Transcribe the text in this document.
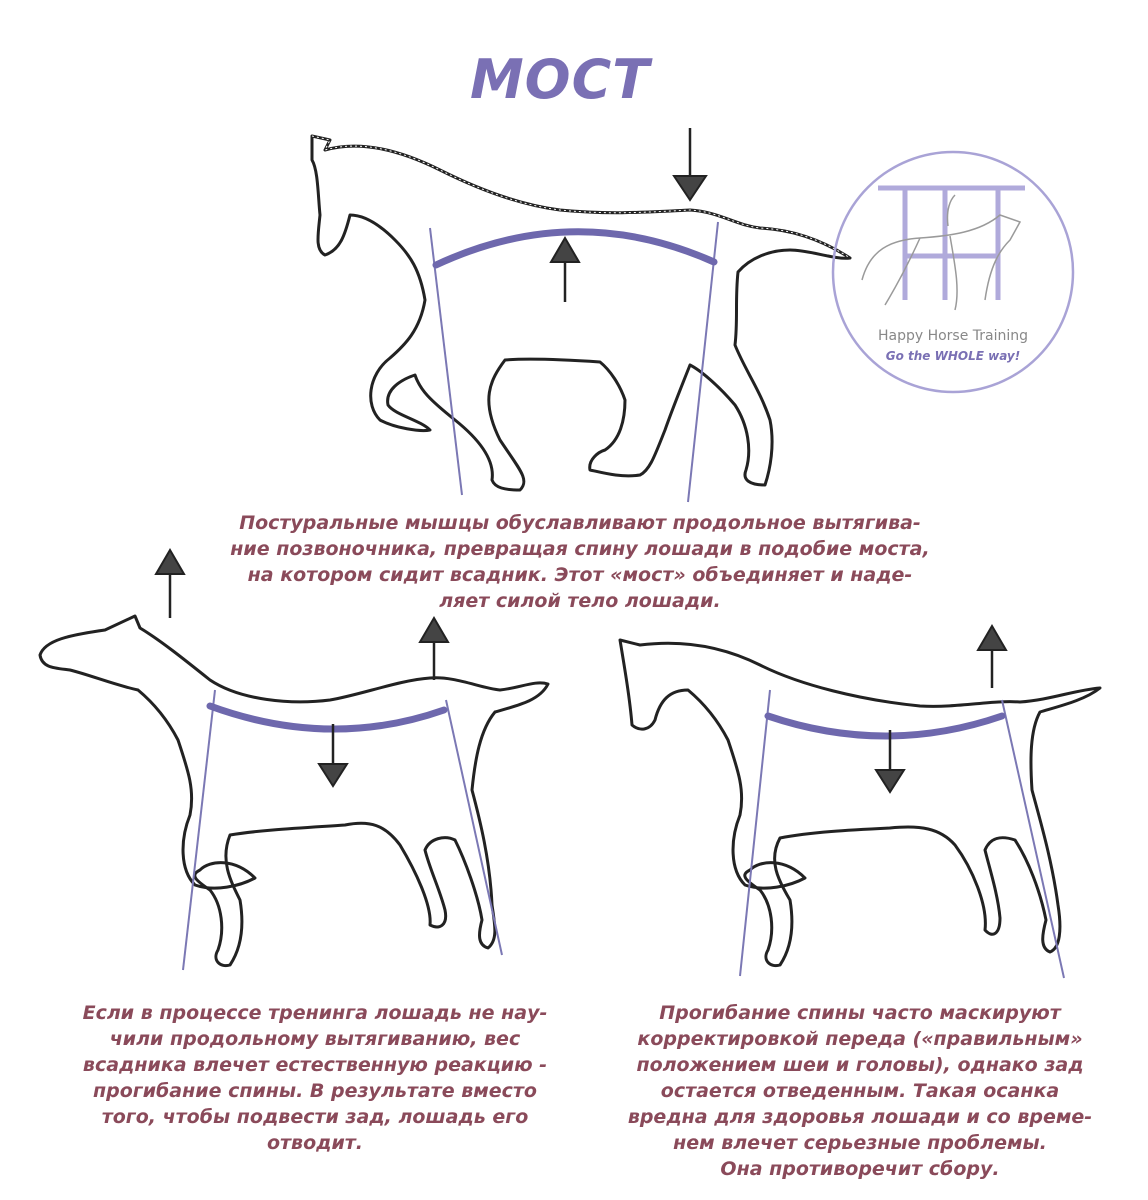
МОСТ
Happy Horse Training
Go the WHOLE way!

Постуральные мышцы обуславливают продольное вытягива-
ние позвоночника, превращая спину лошади в подобие моста,
на котором сидит всадник. Этот «мост» объединяет и наде-
ляет силой тело лошади.

Если в процессе тренинга лошадь не нау-
чили продольному вытягиванию, вес
всадника влечет естественную реакцию -
прогибание спины. В результате вместо
того, чтобы подвести зад, лошадь его
отводит.

Прогибание спины часто маскируют
корректировкой переда («правильным»
положением шеи и головы), однако зад
остается отведенным. Такая осанка
вредна для здоровья лошади и со време-
нем влечет серьезные проблемы.
Она противоречит сбору.
